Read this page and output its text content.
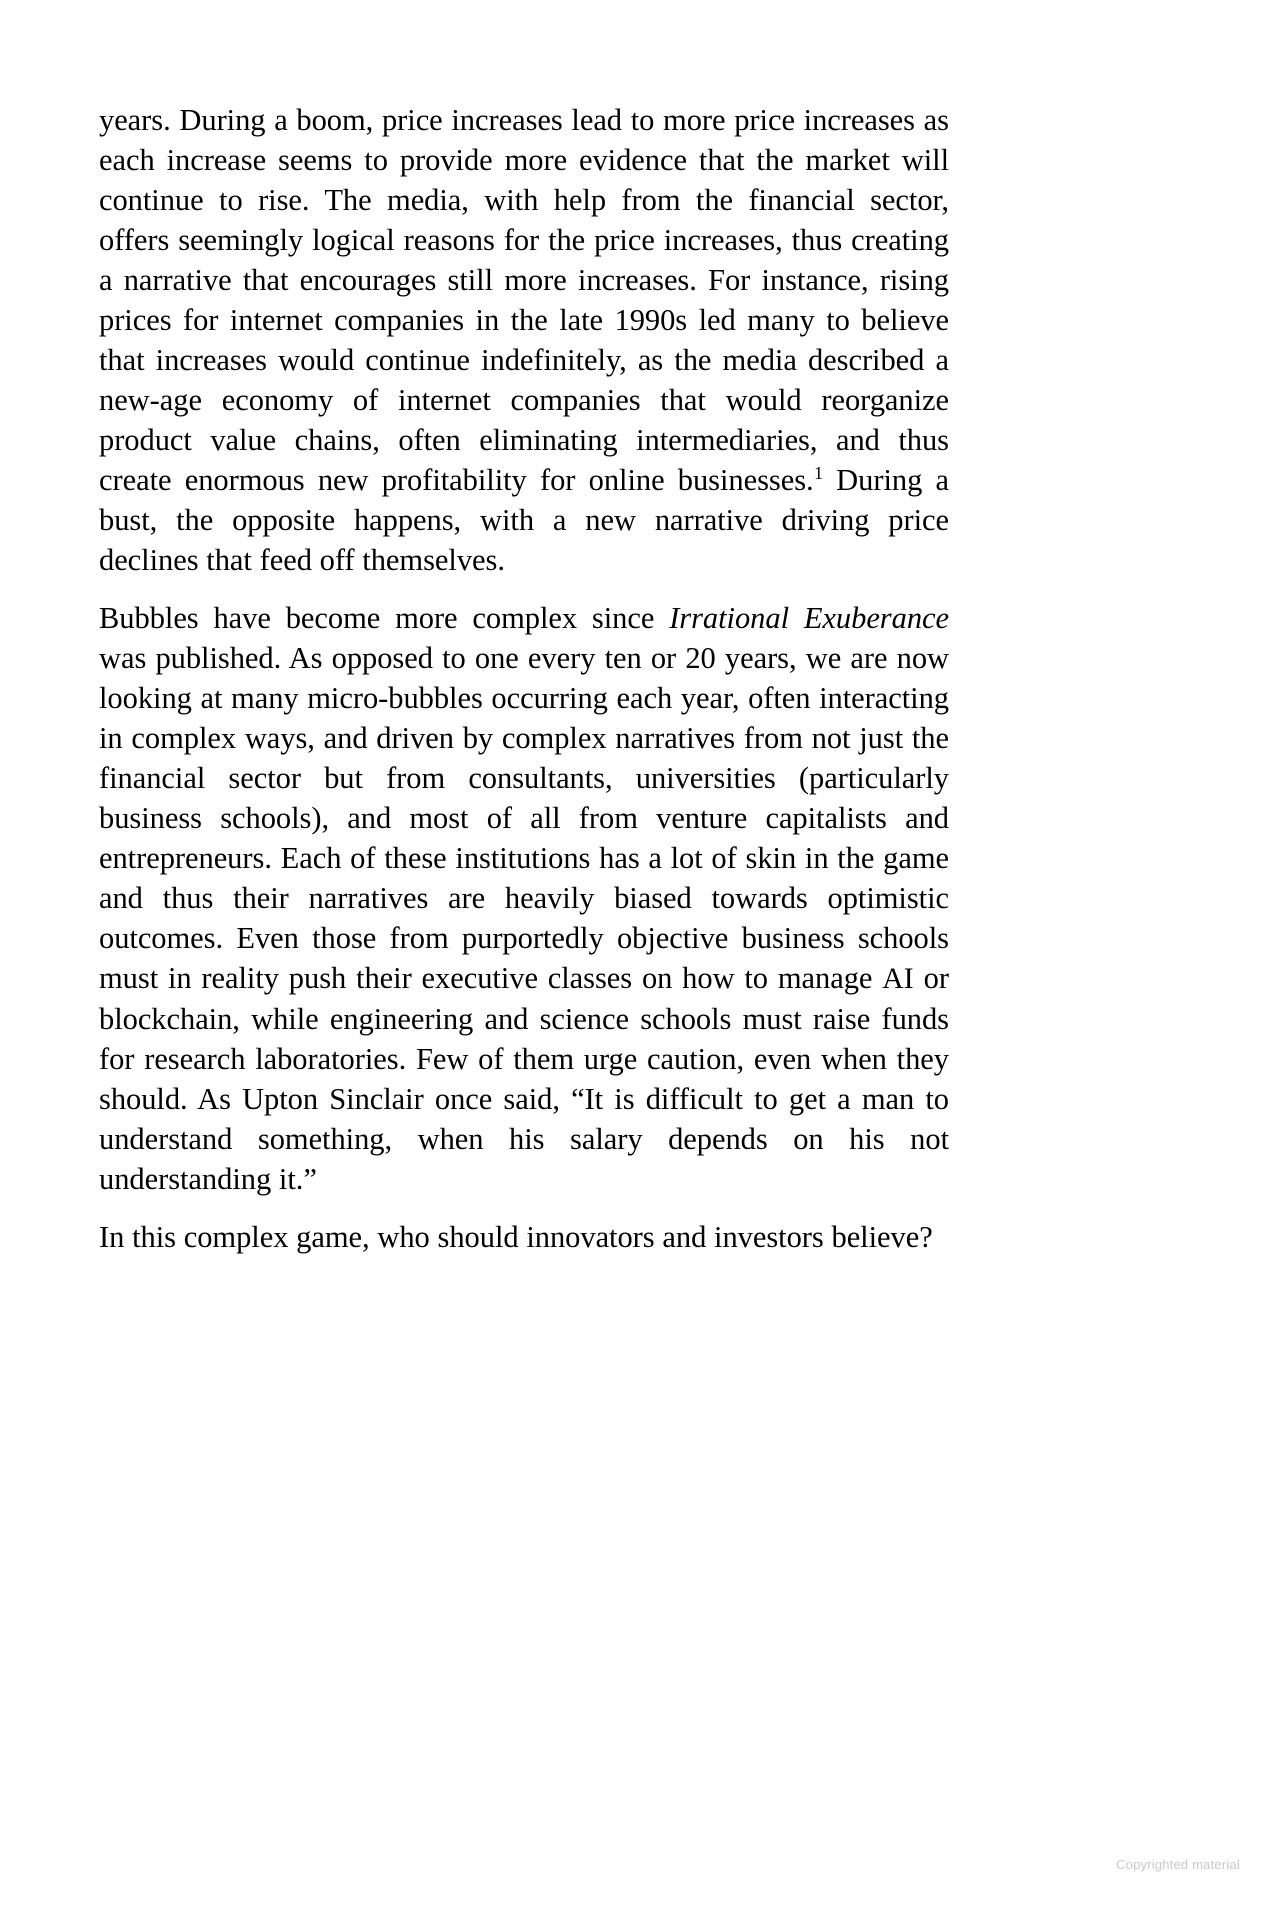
years. During a boom, price increases lead to more price increases as each increase seems to provide more evidence that the market will continue to rise. The media, with help from the financial sector, offers seemingly logical reasons for the price increases, thus creating a narrative that encourages still more increases. For instance, rising prices for internet companies in the late 1990s led many to believe that increases would continue indefinitely, as the media described a new-age economy of internet companies that would reorganize product value chains, often eliminating intermediaries, and thus create enormous new profitability for online businesses.$^1$ During a bust, the opposite happens, with a new narrative driving price declines that feed off themselves.

Bubbles have become more complex since Irrational Exuberance was published. As opposed to one every ten or 20 years, we are now looking at many micro-bubbles occurring each year, often interacting in complex ways, and driven by complex narratives from not just the financial sector but from consultants, universities (particularly business schools), and most of all from venture capitalists and entrepreneurs. Each of these institutions has a lot of skin in the game and thus their narratives are heavily biased towards optimistic outcomes. Even those from purportedly objective business schools must in reality push their executive classes on how to manage AI or blockchain, while engineering and science schools must raise funds for research laboratories. Few of them urge caution, even when they should. As Upton Sinclair once said, “It is difficult to get a man to understand something, when his salary depends on his not understanding it.”

In this complex game, who should innovators and investors believe?

Copyrighted material
